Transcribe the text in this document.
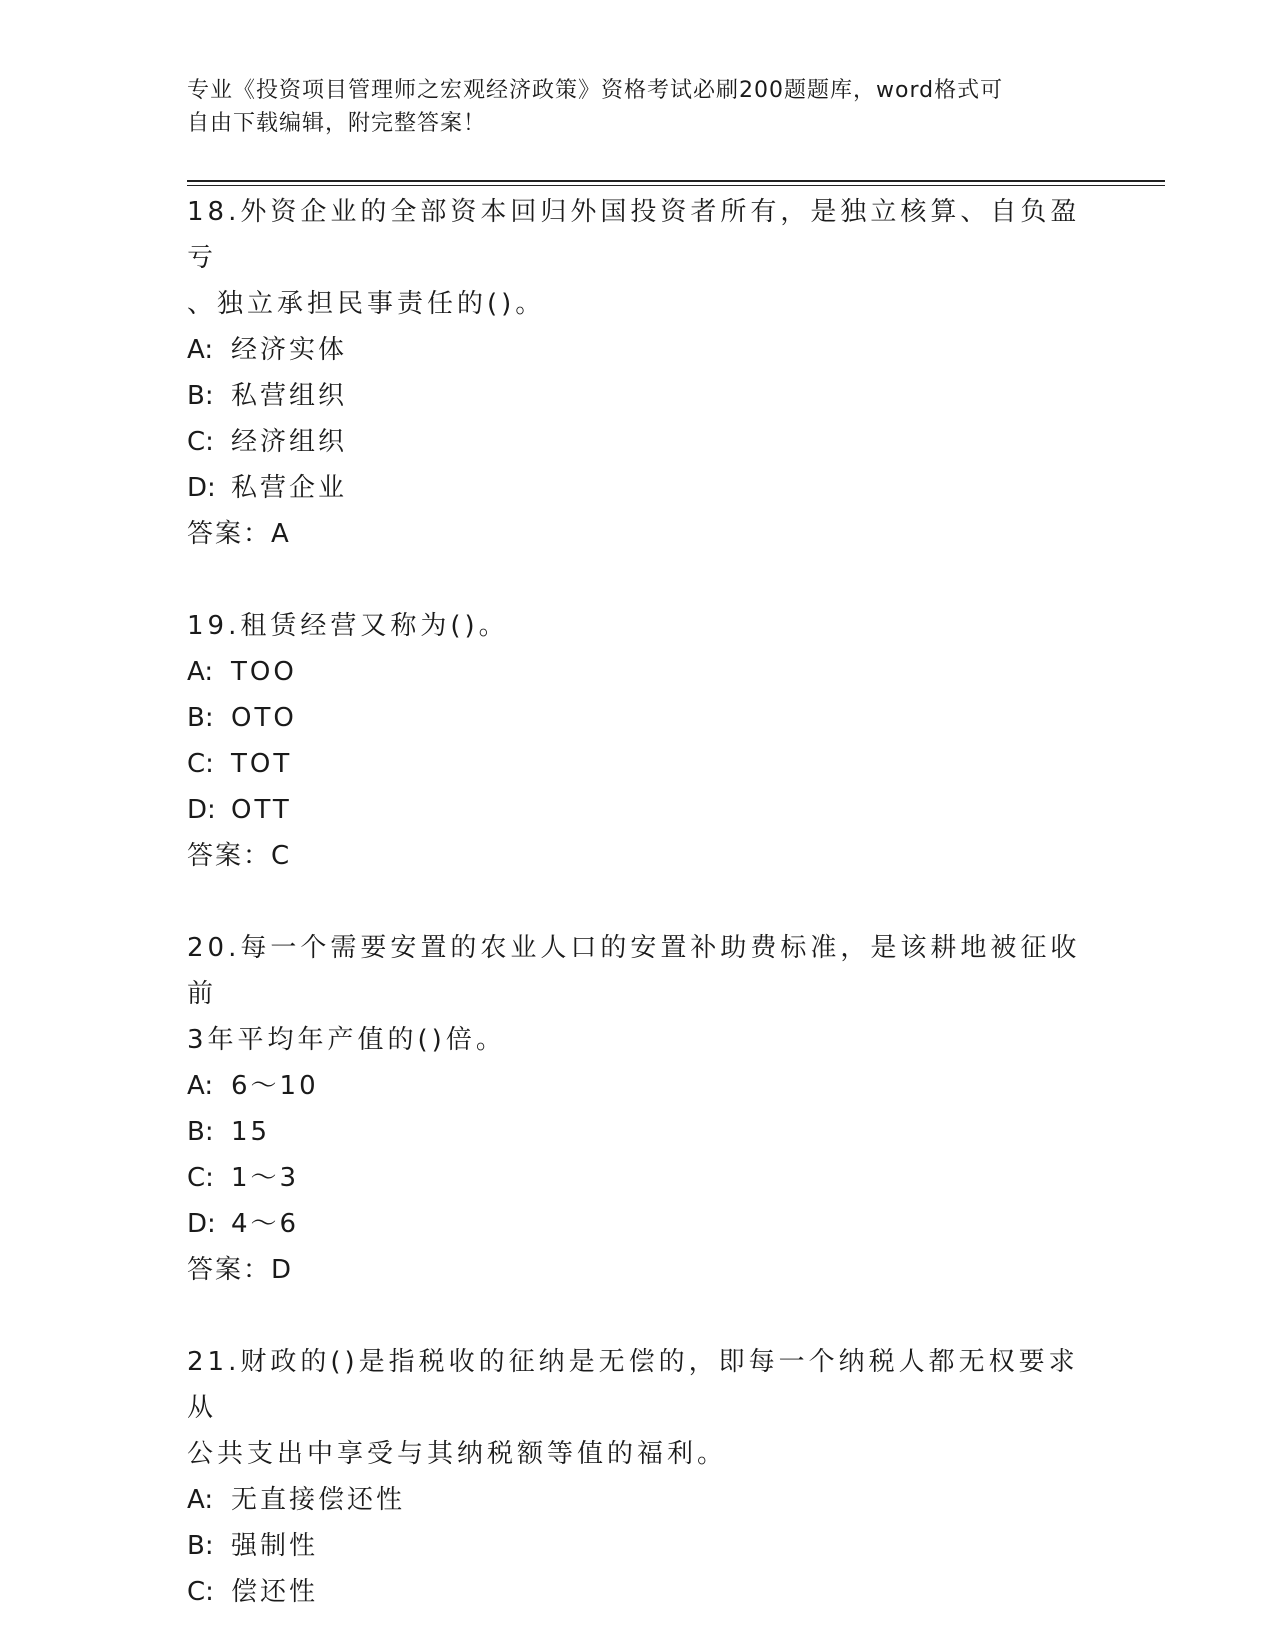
专业《投资项目管理师之宏观经济政策》资格考试必刷200题题库，word格式可
自由下载编辑，附完整答案！
18.外资企业的全部资本回归外国投资者所有，是独立核算、自负盈亏
、独立承担民事责任的()。
A: 经济实体
B: 私营组织
C: 经济组织
D: 私营企业
答案：A
19.租赁经营又称为()。
A: TOO
B: OTO
C: TOT
D: OTT
答案：C
20.每一个需要安置的农业人口的安置补助费标准，是该耕地被征收前
3年平均年产值的()倍。
A: 6～10
B: 15
C: 1～3
D: 4～6
答案：D
21.财政的()是指税收的征纳是无偿的，即每一个纳税人都无权要求从
公共支出中享受与其纳税额等值的福利。
A: 无直接偿还性
B: 强制性
C: 偿还性
